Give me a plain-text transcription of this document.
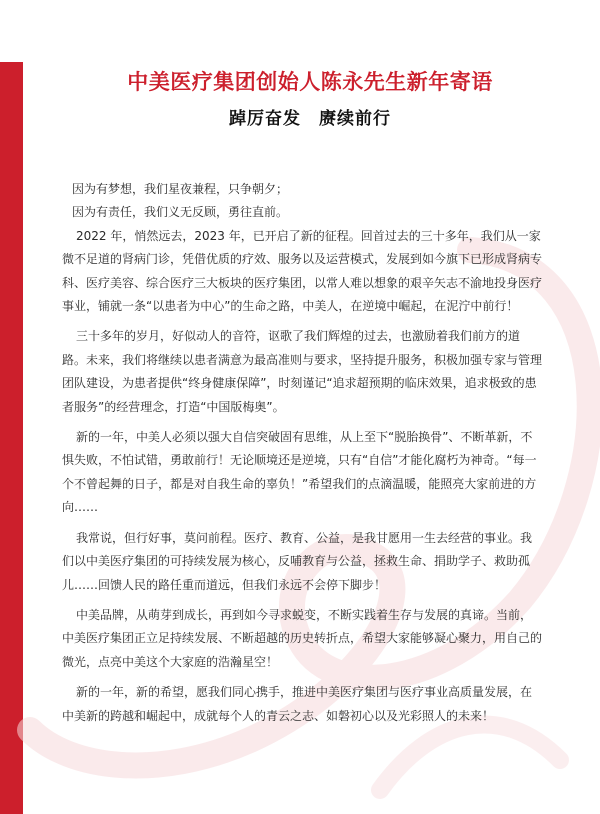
中美医疗集团创始人陈永先生新年寄语
踔厉奋发　赓续前行

因为有梦想，我们星夜兼程，只争朝夕；

因为有责任，我们义无反顾，勇往直前。

2022 年，悄然远去，2023 年，已开启了新的征程。回首过去的三十多年，我们从一家微不足道的肾病门诊，凭借优质的疗效、服务以及运营模式，发展到如今旗下已形成肾病专科、医疗美容、综合医疗三大板块的医疗集团，以常人难以想象的艰辛矢志不渝地投身医疗事业，铺就一条“以患者为中心”的生命之路，中美人，在逆境中崛起，在泥泞中前行！

三十多年的岁月，好似动人的音符，讴歌了我们辉煌的过去，也激励着我们前方的道路。未来，我们将继续以患者满意为最高准则与要求，坚持提升服务，积极加强专家与管理团队建设，为患者提供“终身健康保障”，时刻谨记“追求超预期的临床效果，追求极致的患者服务”的经营理念，打造“中国版梅奥”。

新的一年，中美人必须以强大自信突破固有思维，从上至下“脱胎换骨”、不断革新，不惧失败，不怕试错，勇敢前行！无论顺境还是逆境，只有“自信”才能化腐朽为神奇。“每一个不曾起舞的日子，都是对自我生命的辜负！”希望我们的点滴温暖，能照亮大家前进的方向……

我常说，但行好事，莫问前程。医疗、教育、公益，是我甘愿用一生去经营的事业。我们以中美医疗集团的可持续发展为核心，反哺教育与公益，拯救生命、捐助学子、救助孤儿……回馈人民的路任重而道远，但我们永远不会停下脚步！

中美品牌，从萌芽到成长，再到如今寻求蜕变，不断实践着生存与发展的真谛。当前，中美医疗集团正立足持续发展、不断超越的历史转折点，希望大家能够凝心聚力，用自己的微光，点亮中美这个大家庭的浩瀚星空！

新的一年，新的希望，愿我们同心携手，推进中美医疗集团与医疗事业高质量发展，在中美新的跨越和崛起中，成就每个人的青云之志、如磐初心以及光彩照人的未来！
